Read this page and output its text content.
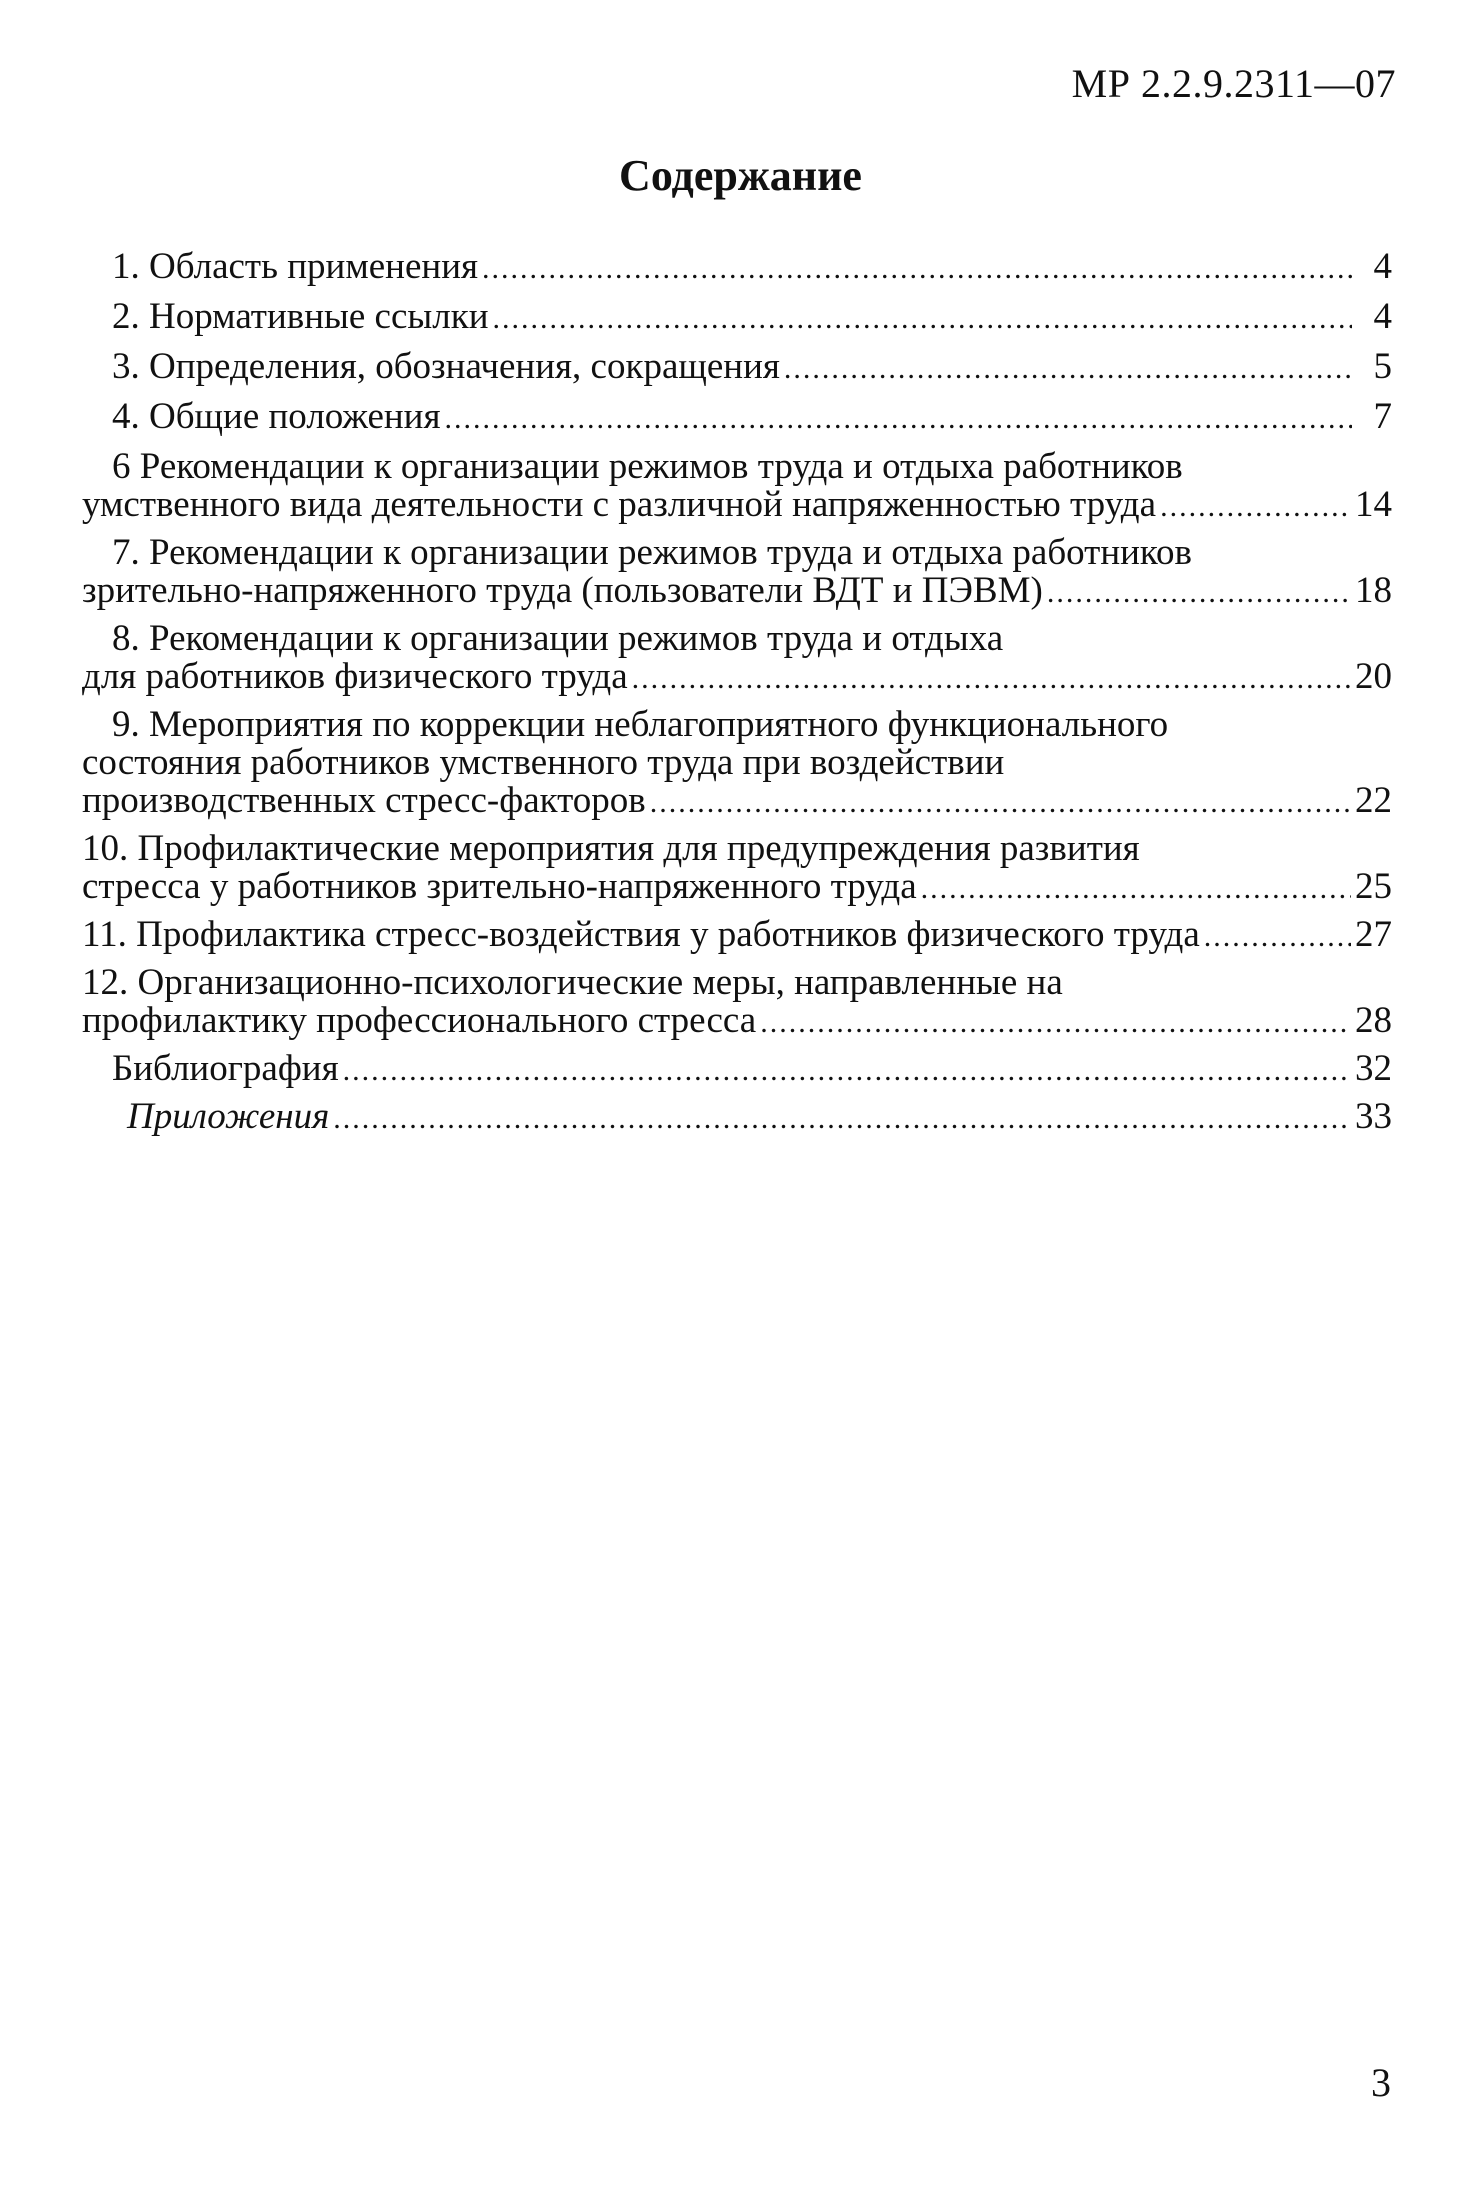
МР 2.2.9.2311—07
Содержание
1. Область применения .....	4
2. Нормативные ссылки .....	4
3. Определения, обозначения, сокращения .....	5
4. Общие положения .....	7
6 Рекомендации к организации режимов труда и отдыха работников
умственного вида деятельности с различной напряженностью труда .....	14
7. Рекомендации к организации режимов труда и отдыха работников
зрительно-напряженного труда (пользователи ВДТ и ПЭВМ) .....	18
8. Рекомендации к организации режимов труда и отдыха
для работников физического труда .....	20
9. Мероприятия по коррекции неблагоприятного функционального
состояния работников умственного труда при воздействии
производственных стресс-факторов .....	22
10. Профилактические мероприятия для предупреждения развития
стресса у работников зрительно-напряженного труда .....	25
11. Профилактика стресс-воздействия у работников физического труда .....	27
12. Организационно-психологические меры, направленные на
профилактику профессионального стресса .....	28
Библиография .....	32
Приложения .....	33
3
